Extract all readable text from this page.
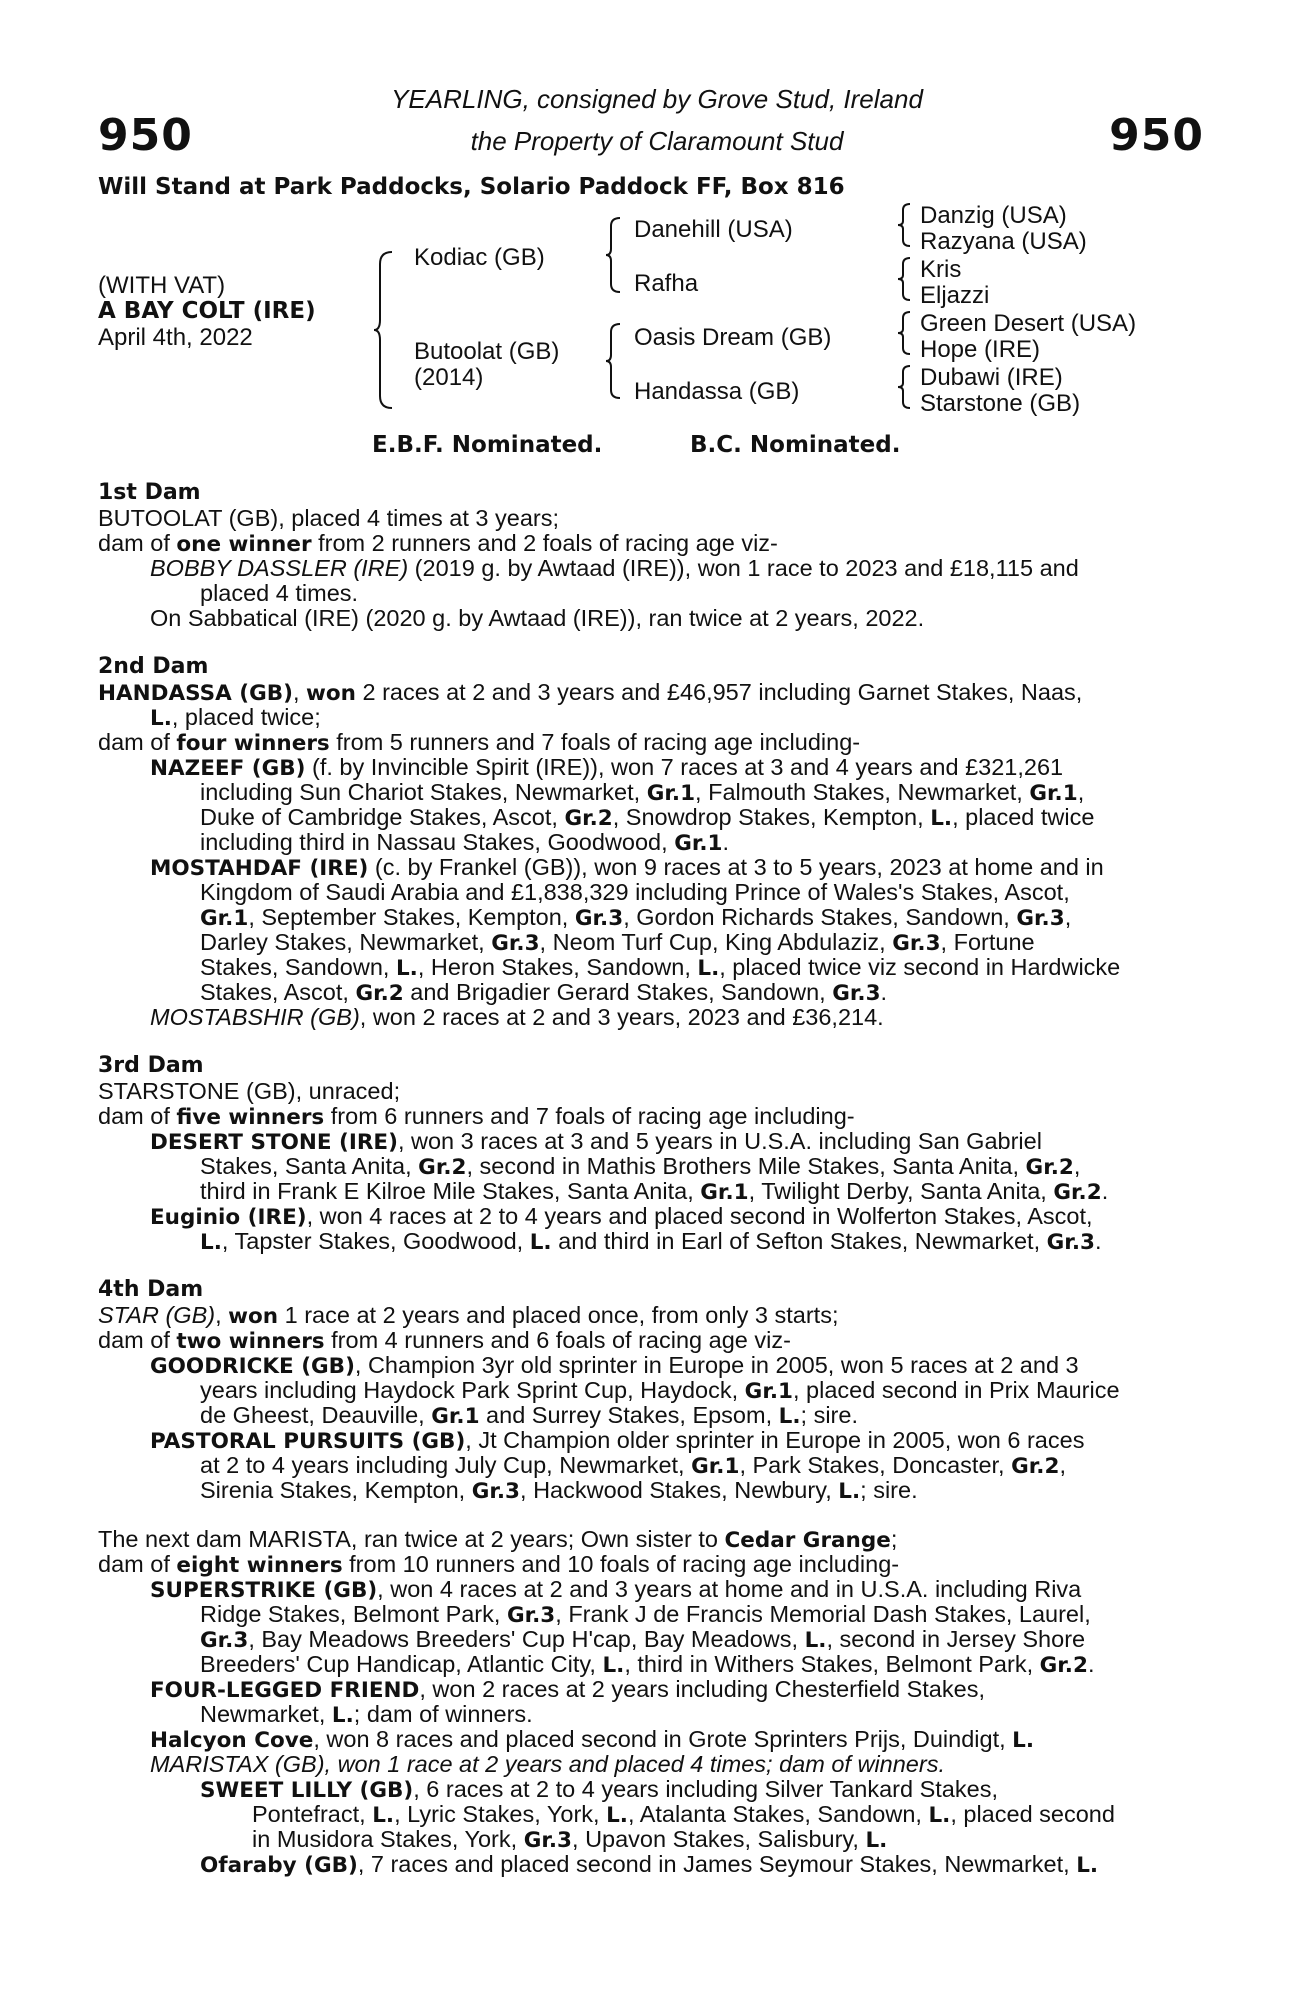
950	950
YEARLING, consigned by Grove Stud, Ireland
the Property of Claramount Stud
Will Stand at Park Paddocks, Solario Paddock FF, Box 816
(WITH VAT)
A BAY COLT (IRE)
April 4th, 2022
Kodiac (GB)
Butoolat (GB)
(2014)
Danehill (USA)
Rafha
Oasis Dream (GB)
Handassa (GB)
Danzig (USA)
Razyana (USA)
Kris
Eljazzi
Green Desert (USA)
Hope (IRE)
Dubawi (IRE)
Starstone (GB)
E.B.F. Nominated.	B.C. Nominated.
1st Dam
BUTOOLAT (GB), placed 4 times at 3 years;
dam of one winner from 2 runners and 2 foals of racing age viz-
BOBBY DASSLER (IRE) (2019 g. by Awtaad (IRE)), won 1 race to 2023 and £18,115 and
placed 4 times.
On Sabbatical (IRE) (2020 g. by Awtaad (IRE)), ran twice at 2 years, 2022.
2nd Dam
HANDASSA (GB), won 2 races at 2 and 3 years and £46,957 including Garnet Stakes, Naas,
L., placed twice;
dam of four winners from 5 runners and 7 foals of racing age including-
NAZEEF (GB) (f. by Invincible Spirit (IRE)), won 7 races at 3 and 4 years and £321,261
including Sun Chariot Stakes, Newmarket, Gr.1, Falmouth Stakes, Newmarket, Gr.1,
Duke of Cambridge Stakes, Ascot, Gr.2, Snowdrop Stakes, Kempton, L., placed twice
including third in Nassau Stakes, Goodwood, Gr.1.
MOSTAHDAF (IRE) (c. by Frankel (GB)), won 9 races at 3 to 5 years, 2023 at home and in
Kingdom of Saudi Arabia and £1,838,329 including Prince of Wales's Stakes, Ascot,
Gr.1, September Stakes, Kempton, Gr.3, Gordon Richards Stakes, Sandown, Gr.3,
Darley Stakes, Newmarket, Gr.3, Neom Turf Cup, King Abdulaziz, Gr.3, Fortune
Stakes, Sandown, L., Heron Stakes, Sandown, L., placed twice viz second in Hardwicke
Stakes, Ascot, Gr.2 and Brigadier Gerard Stakes, Sandown, Gr.3.
MOSTABSHIR (GB), won 2 races at 2 and 3 years, 2023 and £36,214.
3rd Dam
STARSTONE (GB), unraced;
dam of five winners from 6 runners and 7 foals of racing age including-
DESERT STONE (IRE), won 3 races at 3 and 5 years in U.S.A. including San Gabriel
Stakes, Santa Anita, Gr.2, second in Mathis Brothers Mile Stakes, Santa Anita, Gr.2,
third in Frank E Kilroe Mile Stakes, Santa Anita, Gr.1, Twilight Derby, Santa Anita, Gr.2.
Euginio (IRE), won 4 races at 2 to 4 years and placed second in Wolferton Stakes, Ascot,
L., Tapster Stakes, Goodwood, L. and third in Earl of Sefton Stakes, Newmarket, Gr.3.
4th Dam
STAR (GB), won 1 race at 2 years and placed once, from only 3 starts;
dam of two winners from 4 runners and 6 foals of racing age viz-
GOODRICKE (GB), Champion 3yr old sprinter in Europe in 2005, won 5 races at 2 and 3
years including Haydock Park Sprint Cup, Haydock, Gr.1, placed second in Prix Maurice
de Gheest, Deauville, Gr.1 and Surrey Stakes, Epsom, L.; sire.
PASTORAL PURSUITS (GB), Jt Champion older sprinter in Europe in 2005, won 6 races
at 2 to 4 years including July Cup, Newmarket, Gr.1, Park Stakes, Doncaster, Gr.2,
Sirenia Stakes, Kempton, Gr.3, Hackwood Stakes, Newbury, L.; sire.
The next dam MARISTA, ran twice at 2 years; Own sister to Cedar Grange;
dam of eight winners from 10 runners and 10 foals of racing age including-
SUPERSTRIKE (GB), won 4 races at 2 and 3 years at home and in U.S.A. including Riva
Ridge Stakes, Belmont Park, Gr.3, Frank J de Francis Memorial Dash Stakes, Laurel,
Gr.3, Bay Meadows Breeders' Cup H'cap, Bay Meadows, L., second in Jersey Shore
Breeders' Cup Handicap, Atlantic City, L., third in Withers Stakes, Belmont Park, Gr.2.
FOUR-LEGGED FRIEND, won 2 races at 2 years including Chesterfield Stakes,
Newmarket, L.; dam of winners.
Halcyon Cove, won 8 races and placed second in Grote Sprinters Prijs, Duindigt, L.
MARISTAX (GB), won 1 race at 2 years and placed 4 times; dam of winners.
SWEET LILLY (GB), 6 races at 2 to 4 years including Silver Tankard Stakes,
Pontefract, L., Lyric Stakes, York, L., Atalanta Stakes, Sandown, L., placed second
in Musidora Stakes, York, Gr.3, Upavon Stakes, Salisbury, L.
Ofaraby (GB), 7 races and placed second in James Seymour Stakes, Newmarket, L.
